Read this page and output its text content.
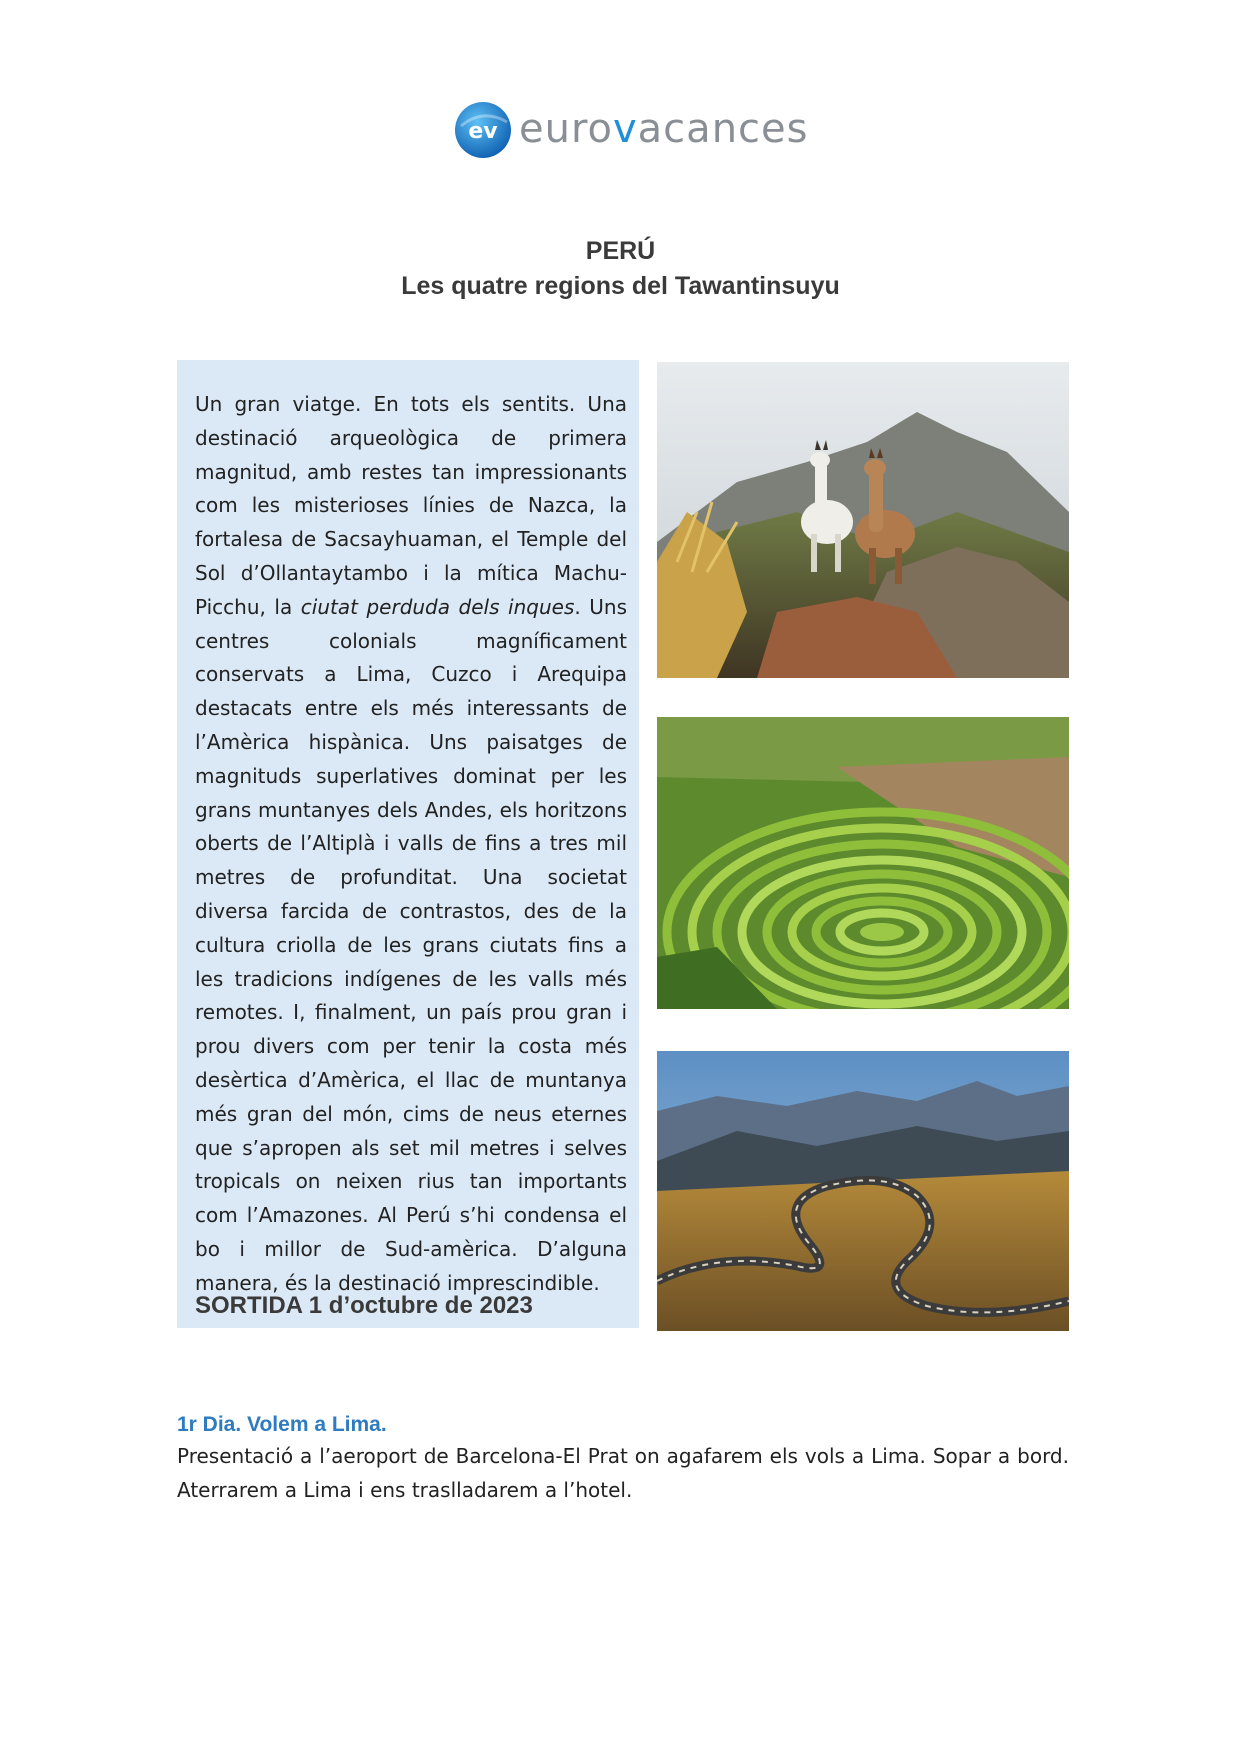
ev eurovacances
PERÚ
Les quatre regions del Tawantinsuyu
Un gran viatge. En tots els sentits. Una destinació arqueològica de primera magnitud, amb restes tan impressionants com les misterioses línies de Nazca, la fortalesa de Sacsayhuaman, el Temple del Sol d’Ollantaytambo i la mítica Machu-Picchu, la ciutat perduda dels inques. Uns centres colonials magníficament conservats a Lima, Cuzco i Arequipa destacats entre els més interessants de l’Amèrica hispànica. Uns paisatges de magnituds superlatives dominat per les grans muntanyes dels Andes, els horitzons oberts de l’Altiplà i valls de fins a tres mil metres de profunditat. Una societat diversa farcida de contrastos, des de la cultura criolla de les grans ciutats fins a les tradicions indígenes de les valls més remotes. I, finalment, un país prou gran i prou divers com per tenir la costa més desèrtica d’Amèrica, el llac de muntanya més gran del món, cims de neus eternes que s’apropen als set mil metres i selves tropicals on neixen rius tan importants com l’Amazones. Al Perú s’hi condensa el bo i millor de Sud-amèrica. D’alguna manera, és la destinació imprescindible.
SORTIDA 1 d’octubre de 2023
1r Dia. Volem a Lima.
Presentació a l’aeroport de Barcelona-El Prat on agafarem els vols a Lima. Sopar a bord. Aterrarem a Lima i ens traslladarem a l’hotel.
